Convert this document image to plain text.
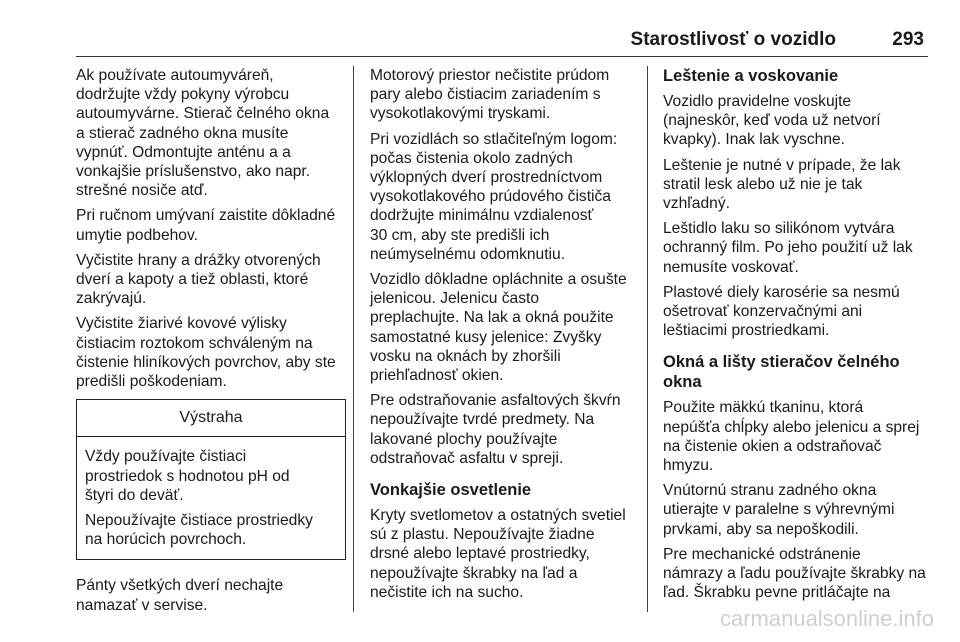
Starostlivosť o vozidlo	293

Ak používate autoumyváreň,
dodržujte vždy pokyny výrobcu
autoumyvárne. Stierač čelného okna
a stierač zadného okna musíte
vypnúť. Odmontujte anténu a a
vonkajšie príslušenstvo, ako napr.
strešné nosiče atď.

Pri ručnom umývaní zaistite dôkladné
umytie podbehov.

Vyčistite hrany a drážky otvorených
dverí a kapoty a tiež oblasti, ktoré
zakrývajú.

Vyčistite žiarivé kovové výlisky
čistiacim roztokom schváleným na
čistenie hliníkových povrchov, aby ste
predišli poškodeniam.

Výstraha

Vždy používajte čistiaci
prostriedok s hodnotou pH od
štyri do deväť.

Nepoužívajte čistiace prostriedky
na horúcich povrchoch.

Pánty všetkých dverí nechajte
namazať v servise.

Motorový priestor nečistite prúdom
pary alebo čistiacim zariadením s
vysokotlakovými tryskami.

Pri vozidlách so stlačiteľným logom:
počas čistenia okolo zadných
výklopných dverí prostredníctvom
vysokotlakového prúdového čističa
dodržujte minimálnu vzdialenosť
30 cm, aby ste predišli ich
neúmyselnému odomknutiu.

Vozidlo dôkladne opláchnite a osušte
jelenicou. Jelenicu často
preplachujte. Na lak a okná použite
samostatné kusy jelenice: Zvyšky
vosku na oknách by zhoršili
priehľadnosť okien.

Pre odstraňovanie asfaltových škvŕn
nepoužívajte tvrdé predmety. Na
lakované plochy používajte
odstraňovač asfaltu v spreji.

Vonkajšie osvetlenie

Kryty svetlometov a ostatných svetiel
sú z plastu. Nepoužívajte žiadne
drsné alebo leptavé prostriedky,
nepoužívajte škrabky na ľad a
nečistite ich na sucho.

Leštenie a voskovanie

Vozidlo pravidelne voskujte
(najneskôr, keď voda už netvorí
kvapky). Inak lak vyschne.

Leštenie je nutné v prípade, že lak
stratil lesk alebo už nie je tak
vzhľadný.

Leštidlo laku so silikónom vytvára
ochranný film. Po jeho použití už lak
nemusíte voskovať.

Plastové diely karosérie sa nesmú
ošetrovať konzervačnými ani
leštiacimi prostriedkami.

Okná a lišty stieračov čelného
okna

Použite mäkkú tkaninu, ktorá
nepúšťa chĺpky alebo jelenicu a sprej
na čistenie okien a odstraňovač
hmyzu.

Vnútornú stranu zadného okna
utierajte v paralelne s výhrevnými
prvkami, aby sa nepoškodili.

Pre mechanické odstránenie
námrazy a ľadu používajte škrabky na
ľad. Škrabku pevne pritláčajte na

carmanualsonline.info
